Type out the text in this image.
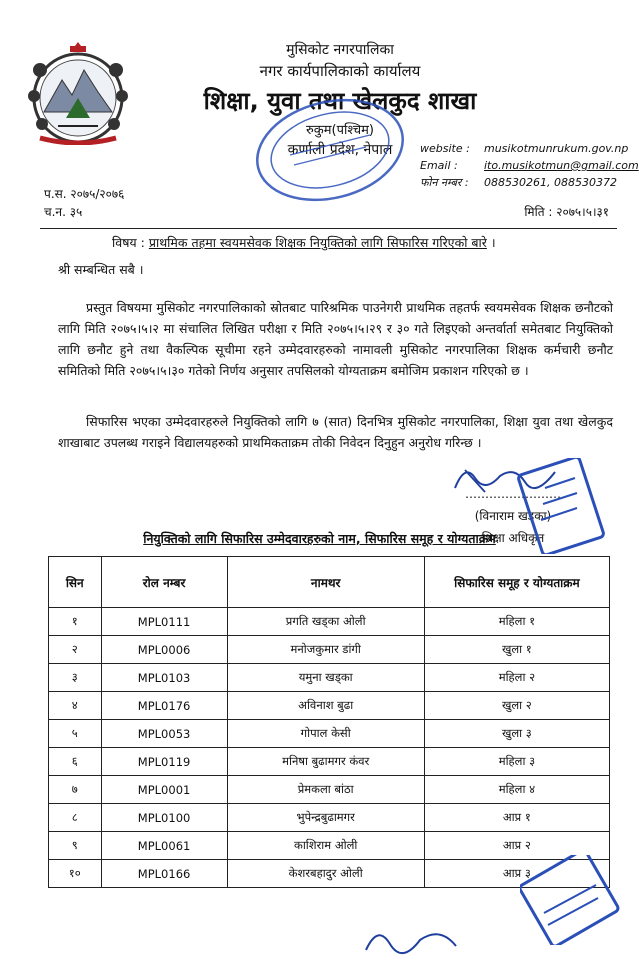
मुसिकोट नगरपालिका
नगर कार्यपालिकाको कार्यालय
शिक्षा, युवा तथा खेलकुद शाखा
रुकुम(पश्चिम)
कर्णाली प्रदेश, नेपाल	website : musikotmunrukum.gov.np
Email : ito.musikotmun@gmail.com
फोन नम्बर : 088530261, 088530372
प.स. २०७५/२०७६
च.न. ३५	मिति : २०७५।५।३१
विषय : प्राथमिक तहमा स्वयमसेवक शिक्षक नियुक्तिको लागि सिफारिस गरिएको बारे ।
श्री सम्बन्धित सबै ।
प्रस्तुत विषयमा मुसिकोट नगरपालिकाको स्रोतबाट पारिश्रमिक पाउनेगरी प्राथमिक तहतर्फ स्वयमसेवक शिक्षक छनौटको लागि मिति २०७५।५।२ मा संचालित लिखित परीक्षा र मिति २०७५।५।२९ र ३० गते लिइएको अन्तर्वार्ता समेतबाट नियुक्तिको लागि छनौट हुने तथा वैकल्पिक सूचीमा रहने उम्मेदवारहरुको नामावली मुसिकोट नगरपालिका शिक्षक कर्मचारी छनौट समितिको मिति २०७५।५।३० गतेको निर्णय अनुसार तपसिलको योग्यताक्रम बमोजिम प्रकाशन गरिएको छ ।
सिफारिस भएका उम्मेदवारहरुले नियुक्तिको लागि ७ (सात) दिनभित्र मुसिकोट नगरपालिका, शिक्षा युवा तथा खेलकुद शाखाबाट उपलब्ध गराइने विद्यालयहरुको प्राथमिकताक्रम तोकी निवेदन दिनुहुन अनुरोध गरिन्छ ।
……………………
(विनाराम खड्का)
शिक्षा अधिकृत
नियुक्तिको लागि सिफारिस उम्मेदवारहरुको नाम, सिफारिस समूह र योग्यताक्रम
सिन	रोल नम्बर	नामथर	सिफारिस समूह र योग्यताक्रम
१	MPL0111	प्रगति खड्का ओली	महिला १
२	MPL0006	मनोजकुमार डांगी	खुला १
३	MPL0103	यमुना खड्का	महिला २
४	MPL0176	अविनाश बुढा	खुला २
५	MPL0053	गोपाल केसी	खुला ३
६	MPL0119	मनिषा बुढामगर कंवर	महिला ३
७	MPL0001	प्रेमकला बांठा	महिला ४
८	MPL0100	भुपेन्द्रबुढामगर	आप्र १
९	MPL0061	काशिराम ओली	आप्र २
१०	MPL0166	केशरबहादुर ओली	आप्र ३
